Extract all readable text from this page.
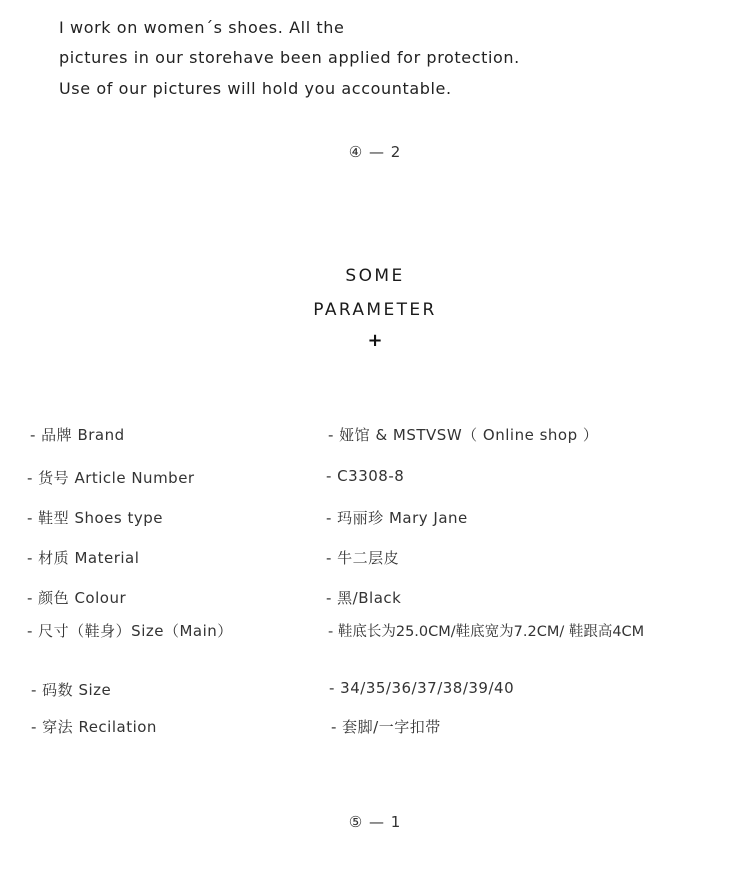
I work on women´s shoes. All the
pictures in our storehave been applied for protection.
Use of our pictures will hold you accountable.
④ — 2
SOME
PARAMETER
+
- 品牌 Brand	- 娅馆 & MSTVSW（ Online shop ）
- 货号 Article Number	- C3308-8
- 鞋型 Shoes type	- 玛丽珍 Mary Jane
- 材质 Material	- 牛二层皮
- 颜色 Colour	- 黑/Black
- 尺寸（鞋身）Size（Main）	- 鞋底长为25.0CM/鞋底宽为7.2CM/ 鞋跟高4CM
- 码数 Size	- 34/35/36/37/38/39/40
- 穿法 Recilation	- 套脚/一字扣带
⑤ — 1
